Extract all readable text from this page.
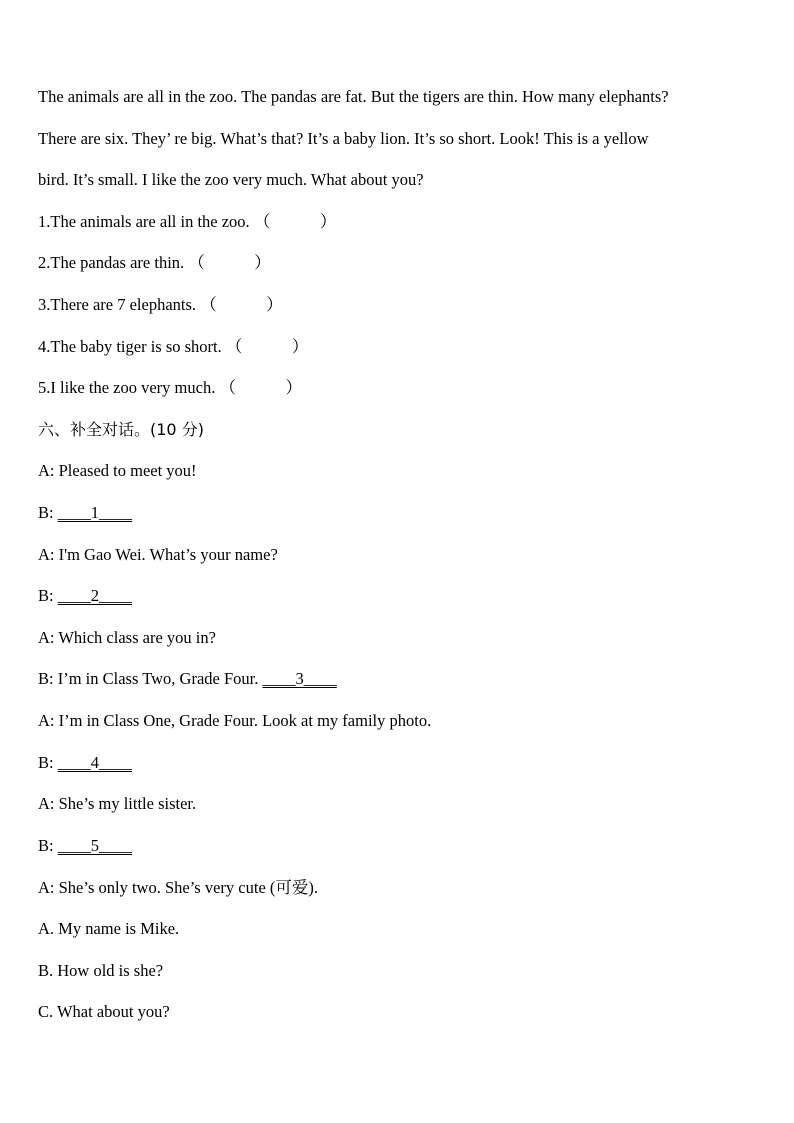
The animals are all in the zoo. The pandas are fat. But the tigers are thin. How many elephants?
There are six. They’ re big. What’s that? It’s a baby lion. It’s so short. Look! This is a yellow
bird. It’s small. I like the zoo very much. What about you?
1.The animals are all in the zoo. （            ）
2.The pandas are thin. （            ）
3.There are 7 elephants. （            ）
4.The baby tiger is so short. （            ）
5.I like the zoo very much. （            ）
六、补全对话。(10 分)
A: Pleased to meet you!
B: ____1____
A: I'm Gao Wei. What’s your name?
B: ____2____
A: Which class are you in?
B: I’m in Class Two, Grade Four. ____3____
A: I’m in Class One, Grade Four. Look at my family photo.
B: ____4____
A: She’s my little sister.
B: ____5____
A: She’s only two. She’s very cute (可爱).
A. My name is Mike.
B. How old is she?
C. What about you?
